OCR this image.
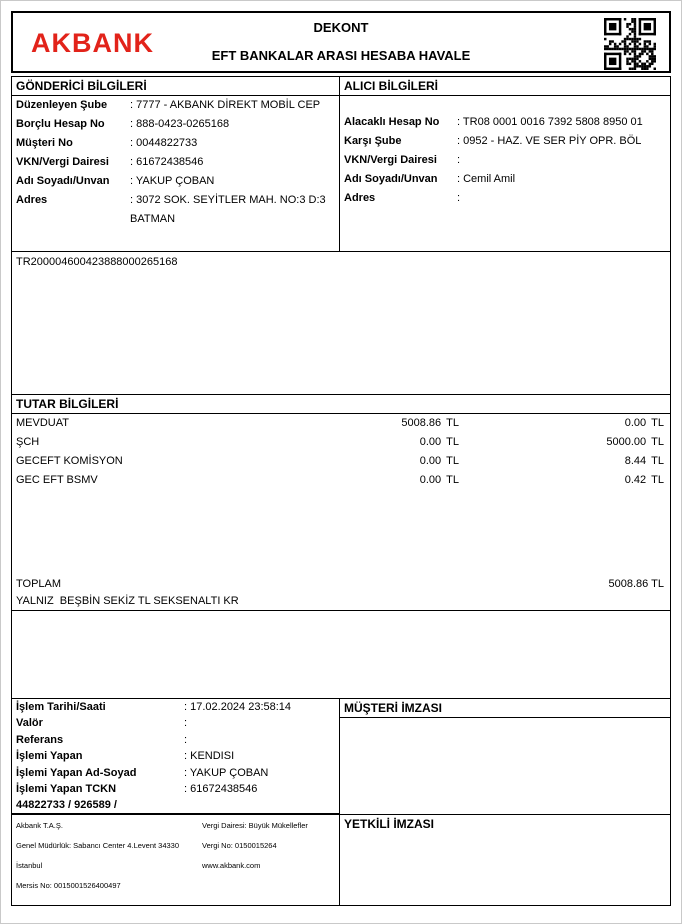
AKBANK
DEKONT
EFT BANKALAR ARASI HESABA HAVALE
GÖNDERİCİ BİLGİLERİ
Düzenleyen Şube	: 7777 - AKBANK DİREKT MOBİL CEP
Borçlu Hesap No	: 888-0423-0265168
Müşteri No	: 0044822733
VKN/Vergi Dairesi	: 61672438546
Adı Soyadı/Unvan	: YAKUP ÇOBAN
Adres	: 3072 SOK. SEYİTLER MAH. NO:3 D:3 BATMAN
ALICI BİLGİLERİ
Alacaklı Hesap No	: TR08 0001 0016 7392 5808 8950 01
Karşı Şube	: 0952 - HAZ. VE SER PİY OPR. BÖL
VKN/Vergi Dairesi	:
Adı Soyadı/Unvan	: Cemil Amil
Adres	:
TR200004600423888000265168
TUTAR BİLGİLERİ
MEVDUAT	5008.86 TL	0.00 TL
ŞCH	0.00 TL	5000.00 TL
GECEFT KOMİSYON	0.00 TL	8.44 TL
GEC EFT BSMV	0.00 TL	0.42 TL
TOPLAM	5008.86 TL
YALNIZ  BEŞBİN SEKİZ TL SEKSENALTI KR
İşlem Tarihi/Saati	: 17.02.2024 23:58:14
Valör	:
Referans	:
İşlemi Yapan	: KENDISI
İşlemi Yapan Ad-Soyad	: YAKUP ÇOBAN
İşlemi Yapan TCKN	: 61672438546
44822733 / 926589 /
Akbank T.A.Ş.	Vergi Dairesi: Büyük Mükellefler
Genel Müdürlük: Sabancı Center 4.Levent 34330	Vergi No: 0150015264
İstanbul	www.akbank.com
Mersis No: 0015001526400497
MÜŞTERİ İMZASI
YETKİLİ İMZASI
